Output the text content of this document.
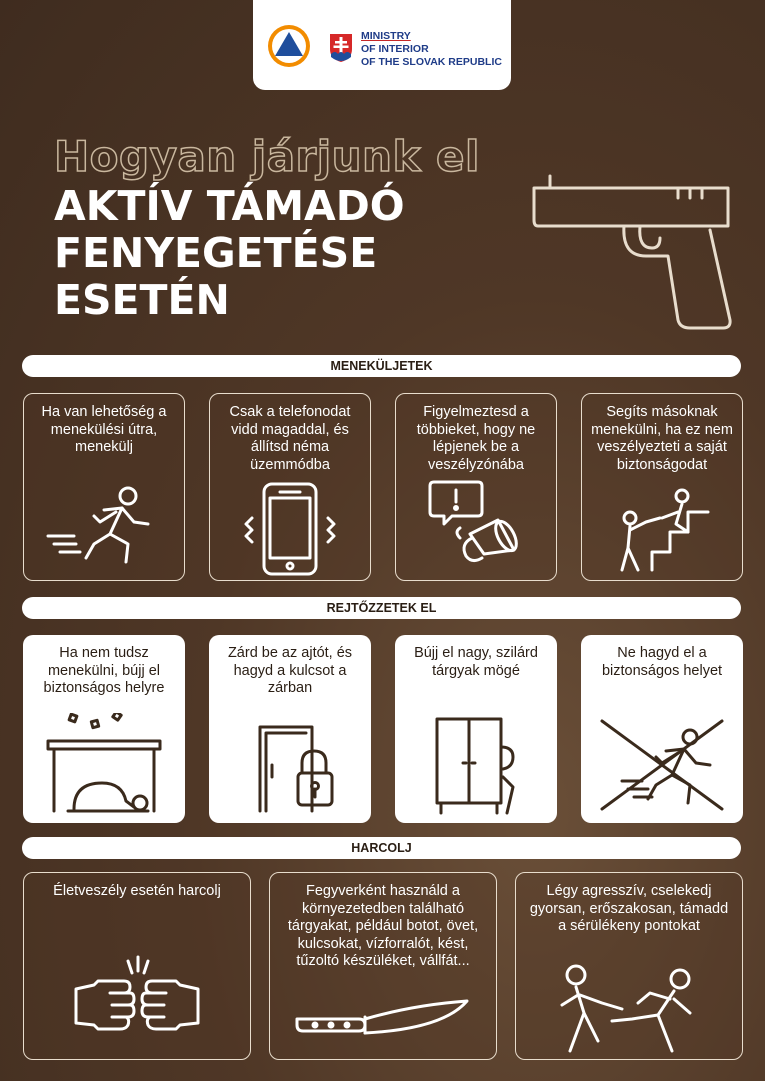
MINISTRY
OF INTERIOR
OF THE SLOVAK REPUBLIC
Hogyan járjunk el
AKTÍV TÁMADÓ
FENYEGETÉSE
ESETÉN
MENEKÜLJETEK
Ha van lehetőség a menekülési útra, menekülj
Csak a telefonodat vidd magaddal, és állítsd néma üzemmódba
Figyelmeztesd a többieket, hogy ne lépjenek be a veszélyzónába
Segíts másoknak menekülni, ha ez nem veszélyezteti a saját biztonságodat
REJTŐZZETEK EL
Ha nem tudsz menekülni, bújj el biztonságos helyre
Zárd be az ajtót, és hagyd a kulcsot a zárban
Bújj el nagy, szilárd tárgyak mögé
Ne hagyd el a biztonságos helyet
HARCOLJ
Életveszély esetén harcolj	Fegyverként használd a környezetedben található tárgyakat, például botot, övet, kulcsokat, vízforralót, kést, tűzoltó készüléket, vállfát...
Légy agresszív, cselekedj gyorsan, erőszakosan, támadd a sérülékeny pontokat
